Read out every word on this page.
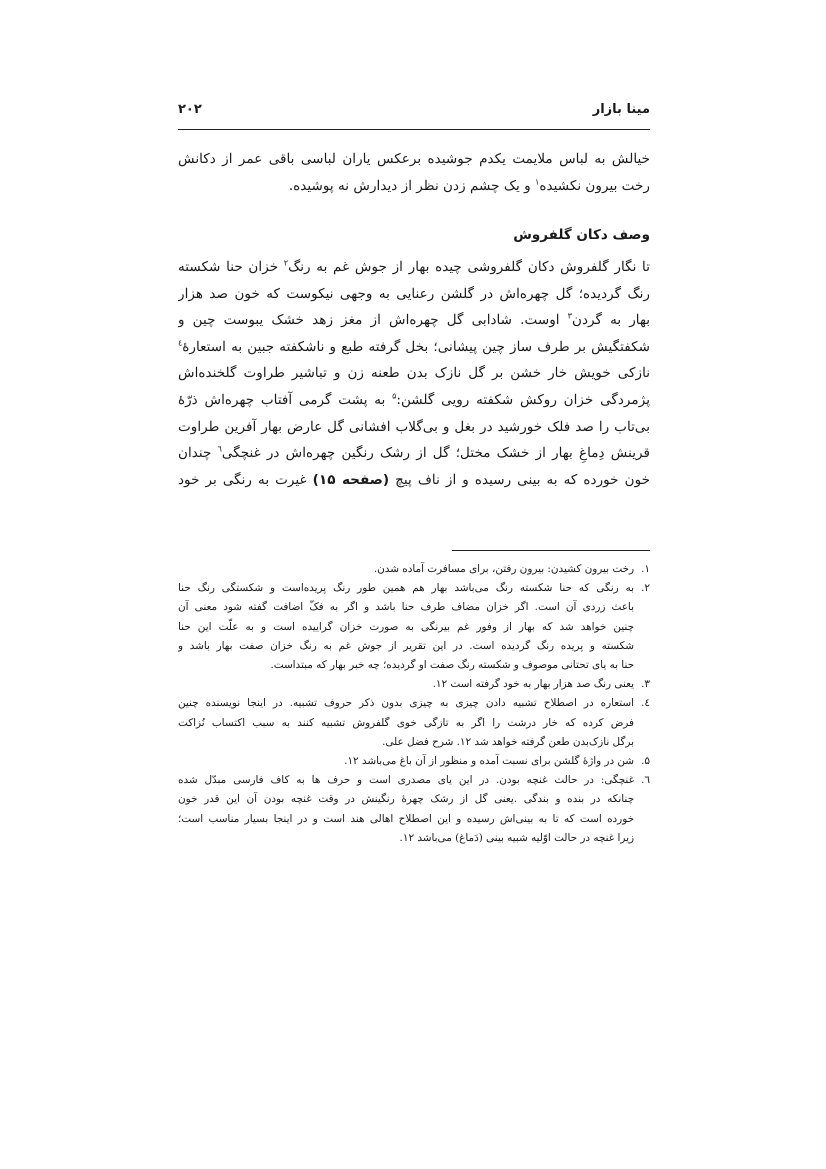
مینا بازار
۲۰۲
خیالش به لباس ملایمت یکدم جوشیده برعکس یاران لباسی باقی عمر از دکانش
رخت بیرون نکشیده$^۱$ و یک چشم زدن نظر از دیدارش نه پوشیده.
وصف دکان گلفروش
تا نگار گلفروش دکان گلفروشی چیده بهار از جوش غم به رنگ$^۲$ خزان حنا شکسته
رنگ گردیده؛ گل چهره‌اش در گلشن رعنایی به وجهی نیکوست که خون صد هزار
بهار به گردن$^۳$ اوست. شادابی گل چهره‌اش از مغز زهد خشک یبوست چین و
شکفتگیش بر طرف ساز چین پیشانی؛ بخل گرفته طبع و ناشکفته جبین به استعارهٔ$^٤$
نازکی خویش خار خشن بر گل نازک بدن طعنه زن و تباشیر طراوت گلخنده‌اش
پژمردگی خزان روکش شکفته رویی گلشن:$^۵$ به پشت گرمی آفتاب چهره‌اش ذرّهٔ
بی‌تاب را صد فلک خورشید در بغل و بی‌گلاب افشانی گل عارض بهار آفرین طراوت
قرینش دِماغِ بهار از خشک مختل؛ گل از رشک رنگین چهره‌اش در غنچگی$^٦$ چندان
خون خورده که به بینی رسیده و از ناف پیچ (صفحه ۱۵) غیرت به رنگی بر خود
۱.
رخت بیرون کشیدن: بیرون رفتن، برای مسافرت آماده شدن.
۲.
به رنگی که حنا شکسته رنگ می‌باشد بهار هم همین طور رنگ پریده‌است و شکستگی رنگ حنا
باعث زردی آن است. اگر خزان مضاف طرف حنا باشد و اگر به فکّ اضافت گفته شود معنی آن
چنین خواهد شد که بهار از وفور غم بیرنگی به صورت خزان گراییده است و به علّت این حنا
شکسته و پریده رنگ گردیده است. در این تقریر از جوش غم به رنگ خزان صفت بهار باشد و
حنا به یای تحتانی موصوف و شکسته رنگ صفت او گردیده؛ چه خبر بهار که مبتداست.
۳.
یعنی رنگ صد هزار بهار به خود گرفته است ۱۲.
٤.
استعاره در اصطلاح تشبیه دادن چیزی به چیزی بدون ذکر حروف تشبیه. در اینجا نویسنده چنین
فرض کرده که خار درشت را اگر به تازگی خوی گلفروش تشبیه کنند به سبب اکتساب نُزاکت
برگل نازک‌بدن طعن گرفته خواهد شد ۱۲. شرح فضل علی.
۵.
شن در واژهٔ گلشن برای نسبت آمده و منظور از آن باغ می‌باشد ۱۲.
٦.
غنچگی: در حالت غنچه بودن. در این یای مصدری است و حرف ها به کاف فارسی مبدّل شده
چنانکه در بنده و بندگی .یعنی گل از رشک چهرهٔ رنگینش در وقت غنچه بودن آن این قدر خون
خورده است که تا به بینی‌اش رسیده و این اصطلاح اهالی هند است و در اینجا بسیار مناسب است؛
زیرا غنچه در حالت اوّلیه شبیه بینی (دَماغ) می‌باشد ۱۲.
